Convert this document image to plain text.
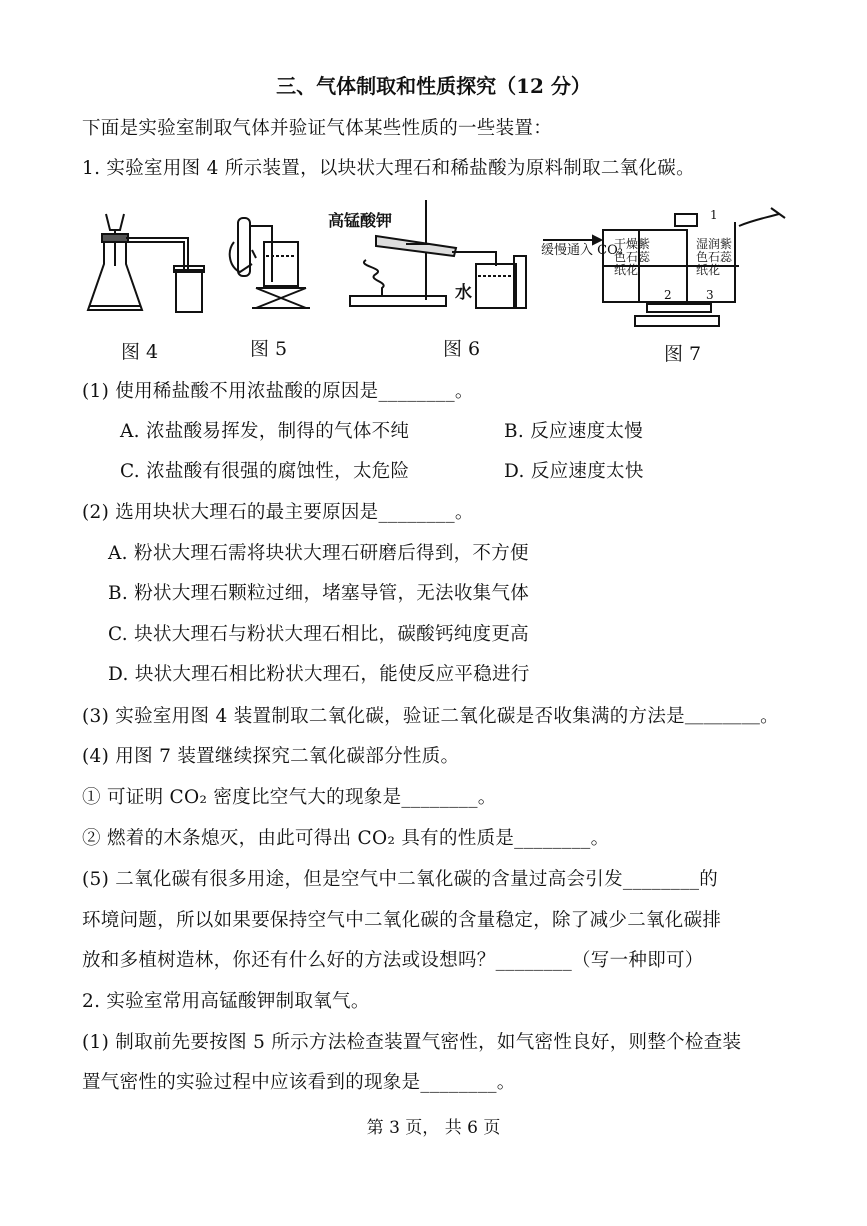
三、气体制取和性质探究（12 分）
下面是实验室制取气体并验证气体某些性质的一些装置：
1. 实验室用图 4 所示装置，以块状大理石和稀盐酸为原料制取二氧化碳。
图 4	图 5
高锰酸钾
水
图 6
缓慢通入 CO₂
干燥紫色石蕊纸花
湿润紫色石蕊纸花
1
2	3
图 7
(1) 使用稀盐酸不用浓盐酸的原因是________。
A. 浓盐酸易挥发，制得的气体不纯	B. 反应速度太慢
C. 浓盐酸有很强的腐蚀性，太危险	D. 反应速度太快
(2) 选用块状大理石的最主要原因是________。
A. 粉状大理石需将块状大理石研磨后得到，不方便
B. 粉状大理石颗粒过细，堵塞导管，无法收集气体
C. 块状大理石与粉状大理石相比，碳酸钙纯度更高
D. 块状大理石相比粉状大理石，能使反应平稳进行
(3) 实验室用图 4 装置制取二氧化碳，验证二氧化碳是否收集满的方法是＿＿＿＿。
(4) 用图 7 装置继续探究二氧化碳部分性质。
① 可证明 CO₂ 密度比空气大的现象是________。
② 燃着的木条熄灭，由此可得出 CO₂ 具有的性质是________。
(5) 二氧化碳有很多用途，但是空气中二氧化碳的含量过高会引发________的
环境问题，所以如果要保持空气中二氧化碳的含量稳定，除了减少二氧化碳排
放和多植树造林，你还有什么好的方法或设想吗？________（写一种即可）
2. 实验室常用高锰酸钾制取氧气。
(1) 制取前先要按图 5 所示方法检查装置气密性，如气密性良好，则整个检查装
置气密性的实验过程中应该看到的现象是________。
第 3 页， 共 6 页
